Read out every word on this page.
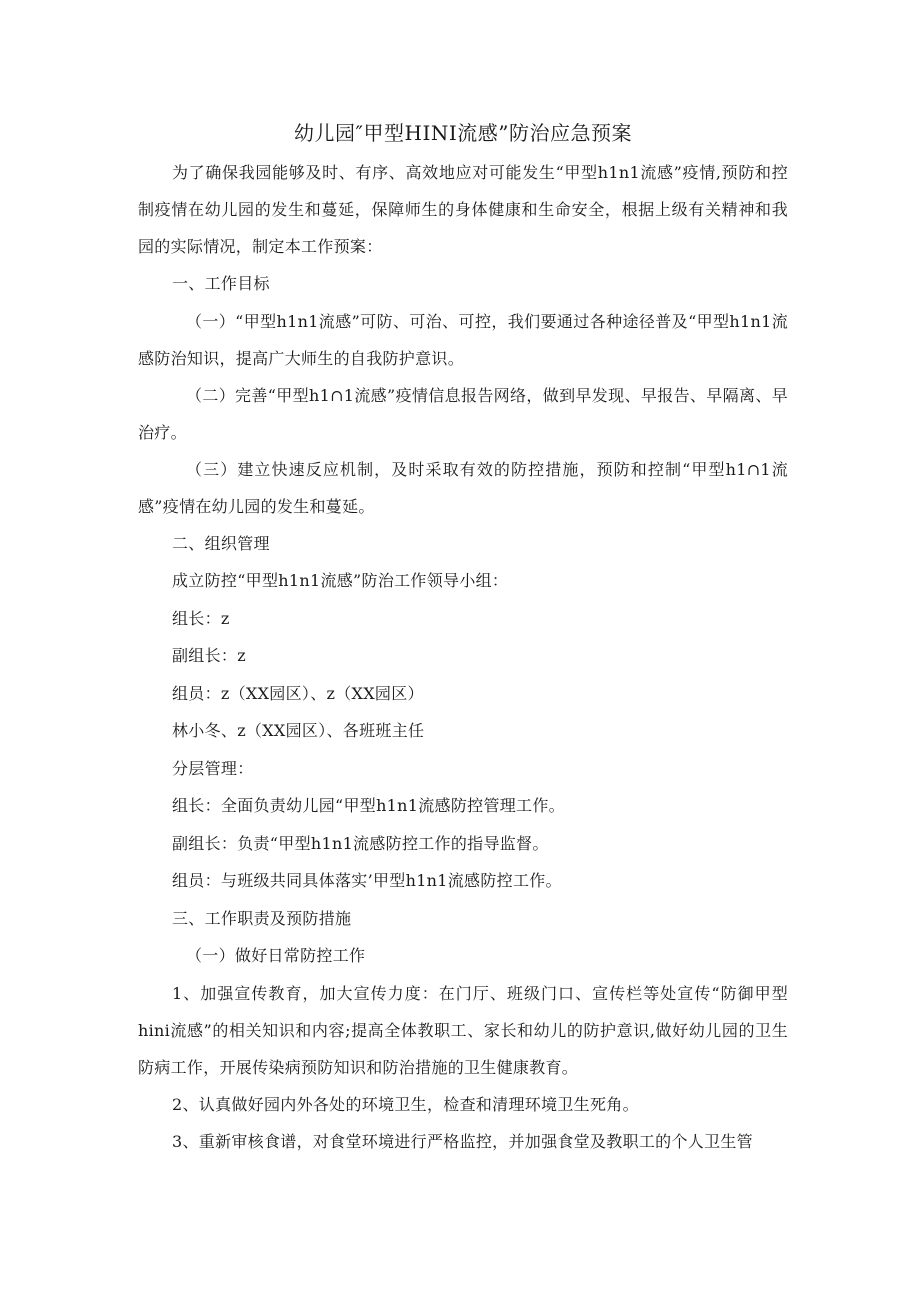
幼儿园″甲型HINI流感”防治应急预案

为了确保我园能够及时、有序、高效地应对可能发生“甲型h1n1流感”疫情,预防和控制疫情在幼儿园的发生和蔓延，保障师生的身体健康和生命安全，根据上级有关精神和我园的实际情况，制定本工作预案：

一、工作目标

（一）“甲型h1n1流感”可防、可治、可控，我们要通过各种途径普及“甲型h1n1流感防治知识，提高广大师生的自我防护意识。

（二）完善“甲型h1∩1流感”疫情信息报告网络，做到早发现、早报告、早隔离、早治疗。

（三）建立快速反应机制，及时采取有效的防控措施，预防和控制“甲型h1∩1流感”疫情在幼儿园的发生和蔓延。

二、组织管理

成立防控“甲型h1n1流感”防治工作领导小组：

组长：z

副组长：z

组员：z（XX园区）、z（XX园区）

林小冬、z（XX园区）、各班班主任

分层管理：

组长：全面负责幼儿园“甲型h1n1流感防控管理工作。

副组长：负责“甲型h1n1流感防控工作的指导监督。

组员：与班级共同具体落实’甲型h1n1流感防控工作。

三、工作职责及预防措施

（一）做好日常防控工作

1、加强宣传教育，加大宣传力度：在门厅、班级门口、宣传栏等处宣传“防御甲型hini流感”的相关知识和内容;提高全体教职工、家长和幼儿的防护意识,做好幼儿园的卫生防病工作，开展传染病预防知识和防治措施的卫生健康教育。

2、认真做好园内外各处的环境卫生，检查和清理环境卫生死角。

3、重新审核食谱，对食堂环境进行严格监控，并加强食堂及教职工的个人卫生管
